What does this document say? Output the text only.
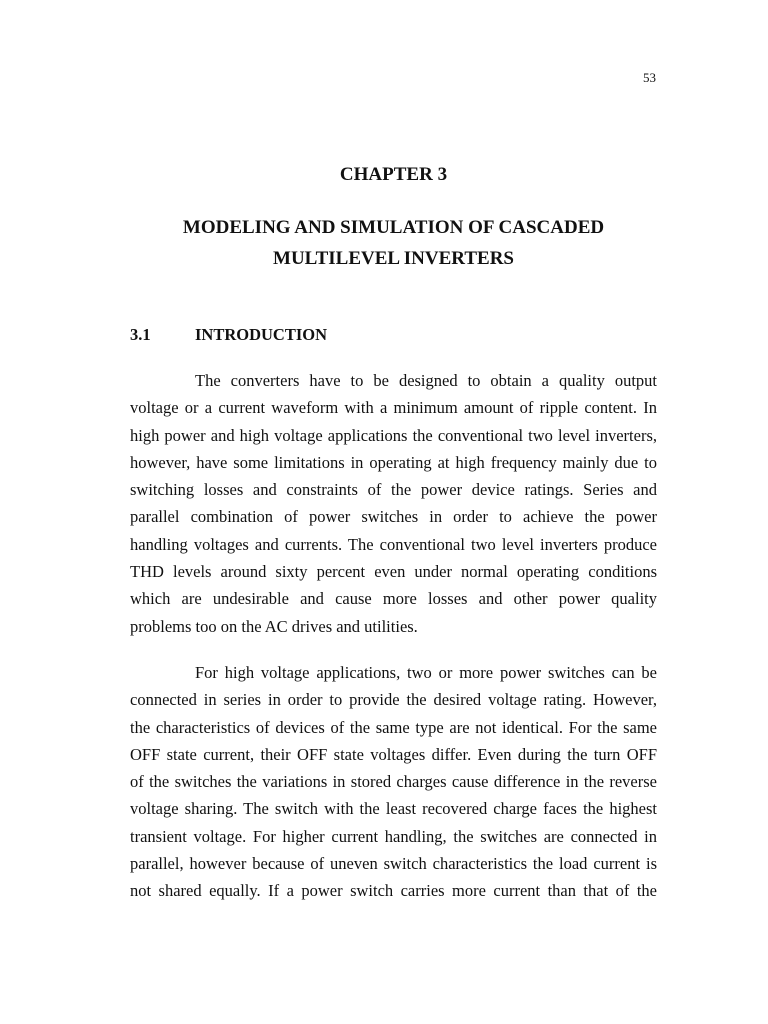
53
CHAPTER 3
MODELING AND SIMULATION OF CASCADED
MULTILEVEL INVERTERS
3.1	INTRODUCTION
The converters have to be designed to obtain a quality output
voltage or a current waveform with a minimum amount of ripple content. In
high power and high voltage applications the conventional two level inverters,
however, have some limitations in operating at high frequency mainly due to
switching losses and constraints of the power device ratings. Series and
parallel combination of power switches in order to achieve the power
handling voltages and currents. The conventional two level inverters produce
THD levels around sixty percent even under normal operating conditions
which are undesirable and cause more losses and other power quality
problems too on the AC drives and utilities.
For high voltage applications, two or more power switches can be
connected in series in order to provide the desired voltage rating. However,
the characteristics of devices of the same type are not identical. For the same
OFF state current, their OFF state voltages differ. Even during the turn OFF
of the switches the variations in stored charges cause difference in the reverse
voltage sharing. The switch with the least recovered charge faces the highest
transient voltage. For higher current handling, the switches are connected in
parallel, however because of uneven switch characteristics the load current is
not shared equally. If a power switch carries more current than that of the
